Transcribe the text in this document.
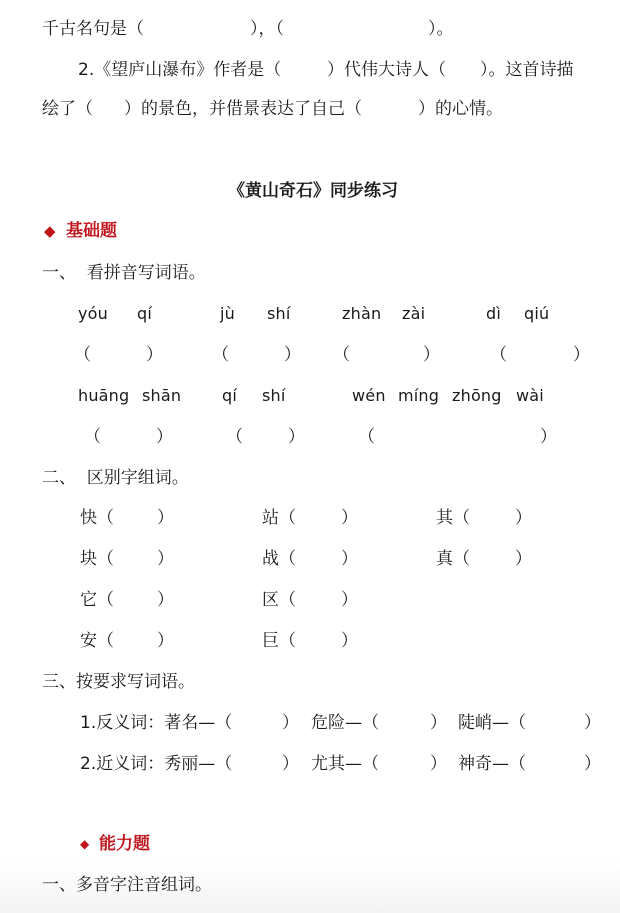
千古名句是（	），（	）。
2.《望庐山瀑布》作者是（	）代伟大诗人（ ）。这首诗描
绘了（ ）的景色，并借景表达了自己（	）的心情。
《黄山奇石》同步练习
◆ 基础题
一、  看拼音写词语。
yóu qí	jù shí	zhàn zài	dì qiú
（	）	（	） （	）	（	）
huāng shān	qí shí	wén míng zhōng wài
（	）	（	）	（	）
二、  区别字组词。
快（	）	站（	）	其（	）
块（	）	战（	）	真（	）
它（	）	区（	）
安（	）	巨（	）
三、按要求写词语。
1.反义词：著名—（	） 危险—（	） 陡峭—（	）
2.近义词：秀丽—（	） 尤其—（	） 神奇—（	）
◆ 能力题
一、多音字注音组词。
